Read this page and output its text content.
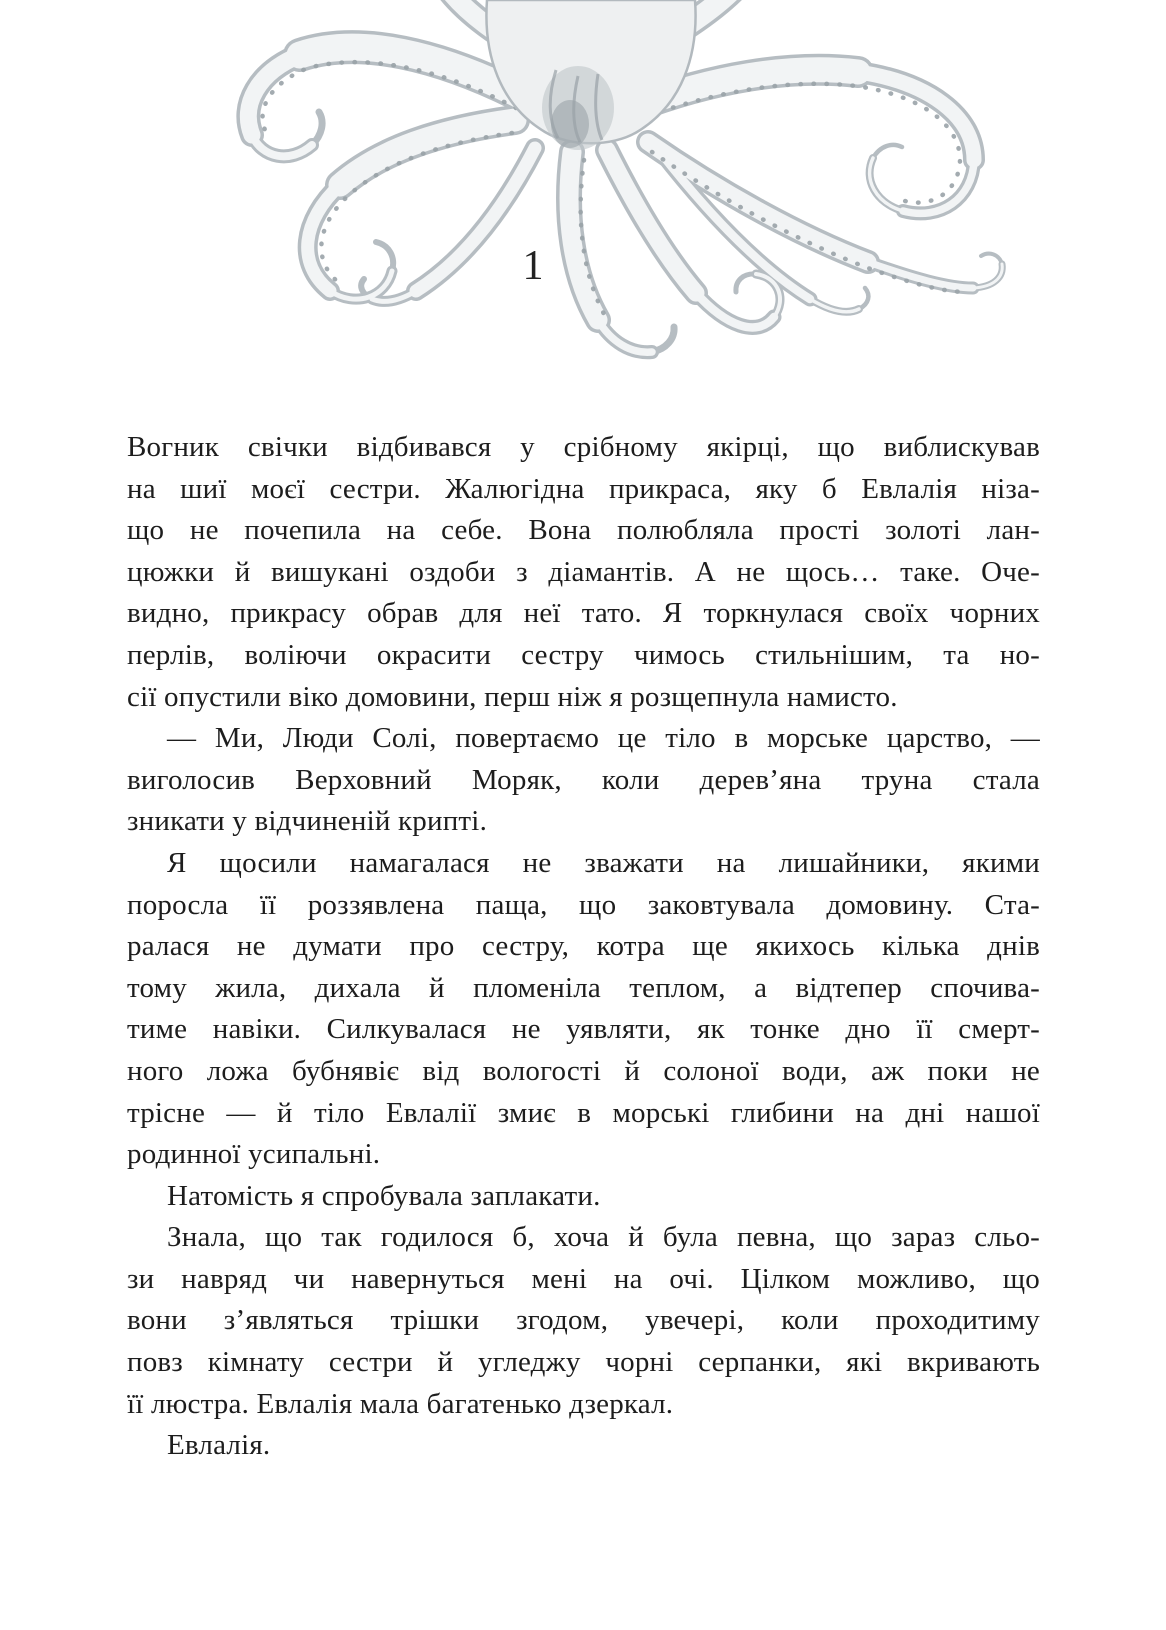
1
Вогник свічки відбивався у срібному якірці, що виблискував
на шиї моєї сестри. Жалюгідна прикраса, яку б Евлалія ніза-
що не почепила на себе. Вона полюбляла прості золоті лан-
цюжки й вишукані оздоби з діамантів. А не щось… таке. Оче-
видно, прикрасу обрав для неї тато. Я торкнулася своїх чорних
перлів, воліючи окрасити сестру чимось стильнішим, та но-
сії опустили віко домовини, перш ніж я розщепнула намисто.
— Ми, Люди Солі, повертаємо це тіло в морське царство, —
виголосив Верховний Моряк, коли дерев’яна труна стала
зникати у відчиненій крипті.
Я щосили намагалася не зважати на лишайники, якими
поросла її роззявлена паща, що заковтувала домовину. Ста-
ралася не думати про сестру, котра ще якихось кілька днів
тому жила, дихала й пломеніла теплом, а відтепер спочива-
тиме навіки. Силкувалася не уявляти, як тонке дно її смерт-
ного ложа бубнявіє від вологості й солоної води, аж поки не
трісне — й тіло Евлалії змиє в морські глибини на дні нашої
родинної усипальні.
Натомість я спробувала заплакати.
Знала, що так годилося б, хоча й була певна, що зараз сльо-
зи навряд чи навернуться мені на очі. Цілком можливо, що
вони з’являться трішки згодом, увечері, коли проходитиму
повз кімнату сестри й угледжу чорні серпанки, які вкривають
її люстра. Евлалія мала багатенько дзеркал.
Евлалія.
